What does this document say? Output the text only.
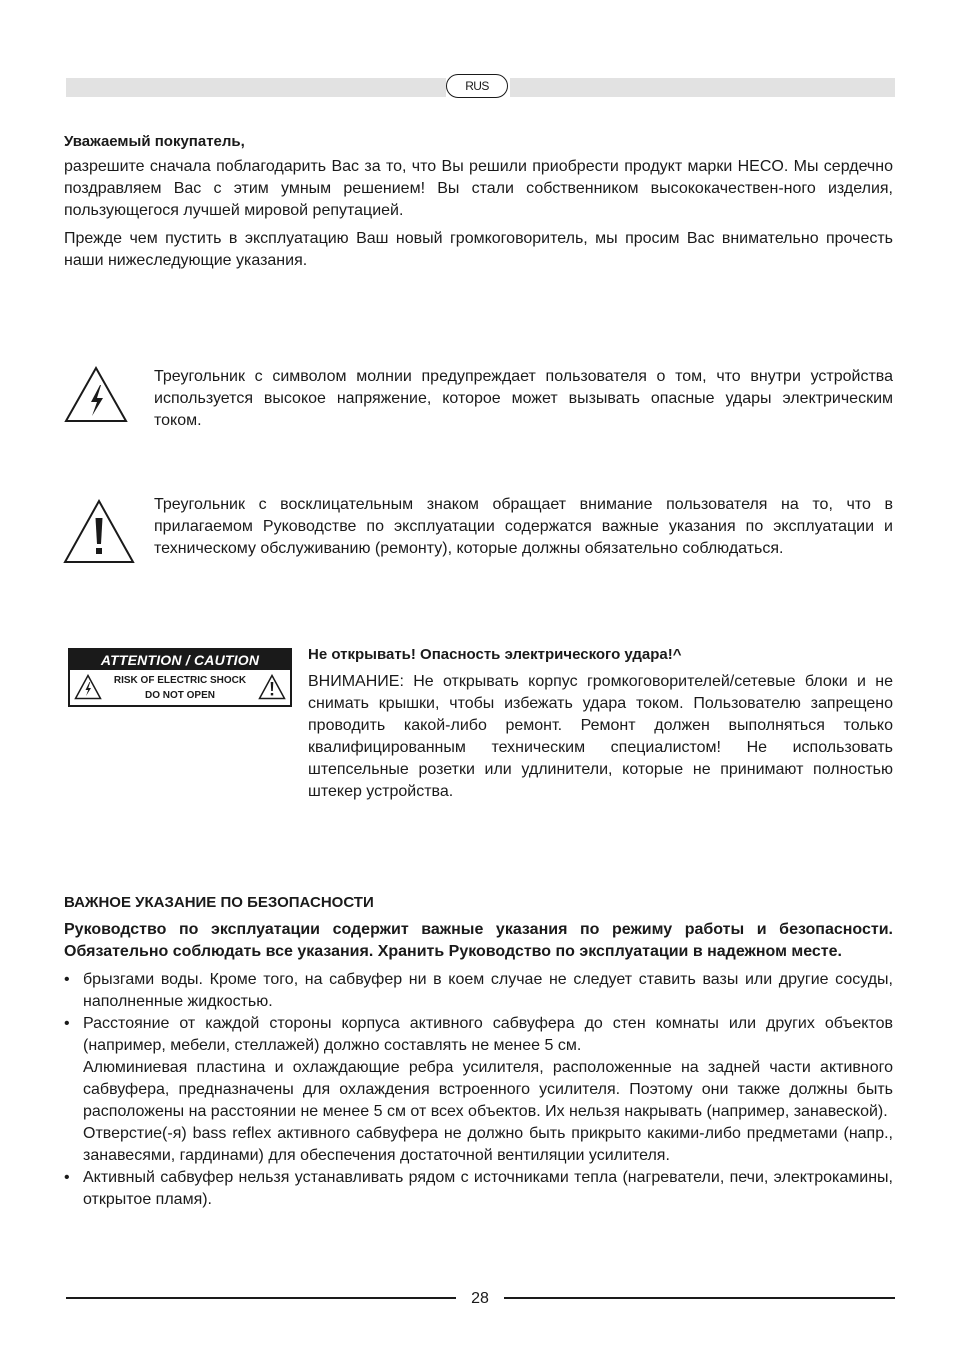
RUS

Уважаемый покупатель,

разрешите сначала поблагодарить Вас за то, что Вы решили приобрести продукт марки HECO. Мы сердечно поздравляем Вас с этим умным решением! Вы стали собственником высококачествен-ного изделия, пользующегося лучшей мировой репутацией.

Прежде чем пустить в эксплуатацию Ваш новый громкоговоритель, мы просим Вас внимательно прочесть наши нижеследующие указания.

Треугольник с символом молнии предупреждает пользователя о том, что внутри устройства используется высокое напряжение, которое может вызывать опасные удары электрическим током.

Треугольник с восклицательным знаком обращает внимание пользователя на то, что в прилагаемом Руководстве по эксплуатации содержатся важные указания по эксплуатации и техническому обслуживанию (ремонту), которые должны обязательно соблюдаться.

ATTENTION / CAUTION
RISK OF ELECTRIC SHOCK
DO NOT OPEN

Не открывать! Опасность электрического удара!^

ВНИМАНИЕ: Не открывать корпус громкоговорителей/сетевые блоки и не снимать крышки, чтобы избежать удара током. Пользователю запрещено проводить какой-либо ремонт. Ремонт должен выполняться только квалифицированным техническим специалистом! Не использовать штепсельные розетки или удлинители, которые не принимают полностью штекер устройства.

ВАЖНОЕ УКАЗАНИЕ ПО БЕЗОПАСНОСТИ

Руководство по эксплуатации содержит важные указания по режиму работы и безопасности. Обязательно соблюдать все указания. Хранить Руководство по эксплуатации в надежном месте.

• брызгами воды. Кроме того, на сабвуфер ни в коем случае не следует ставить вазы или другие сосуды, наполненные жидкостью.

• Расстояние от каждой стороны корпуса активного сабвуфера до стен комнаты или других объектов (например, мебели, стеллажей) должно составлять не менее 5 см.

Алюминиевая пластина и охлаждающие ребра усилителя, расположенные на задней части активного сабвуфера, предназначены для охлаждения встроенного усилителя. Поэтому они также должны быть расположены на расстоянии не менее 5 см от всех объектов. Их нельзя накрывать (например, занавеской).

Отверстие(-я) bass reflex активного сабвуфера не должно быть прикрыто какими-либо предметами (напр., занавесями, гардинами) для обеспечения достаточной вентиляции усилителя.

• Активный сабвуфер нельзя устанавливать рядом с источниками тепла (нагреватели, печи, электрокамины, открытое пламя).

28
